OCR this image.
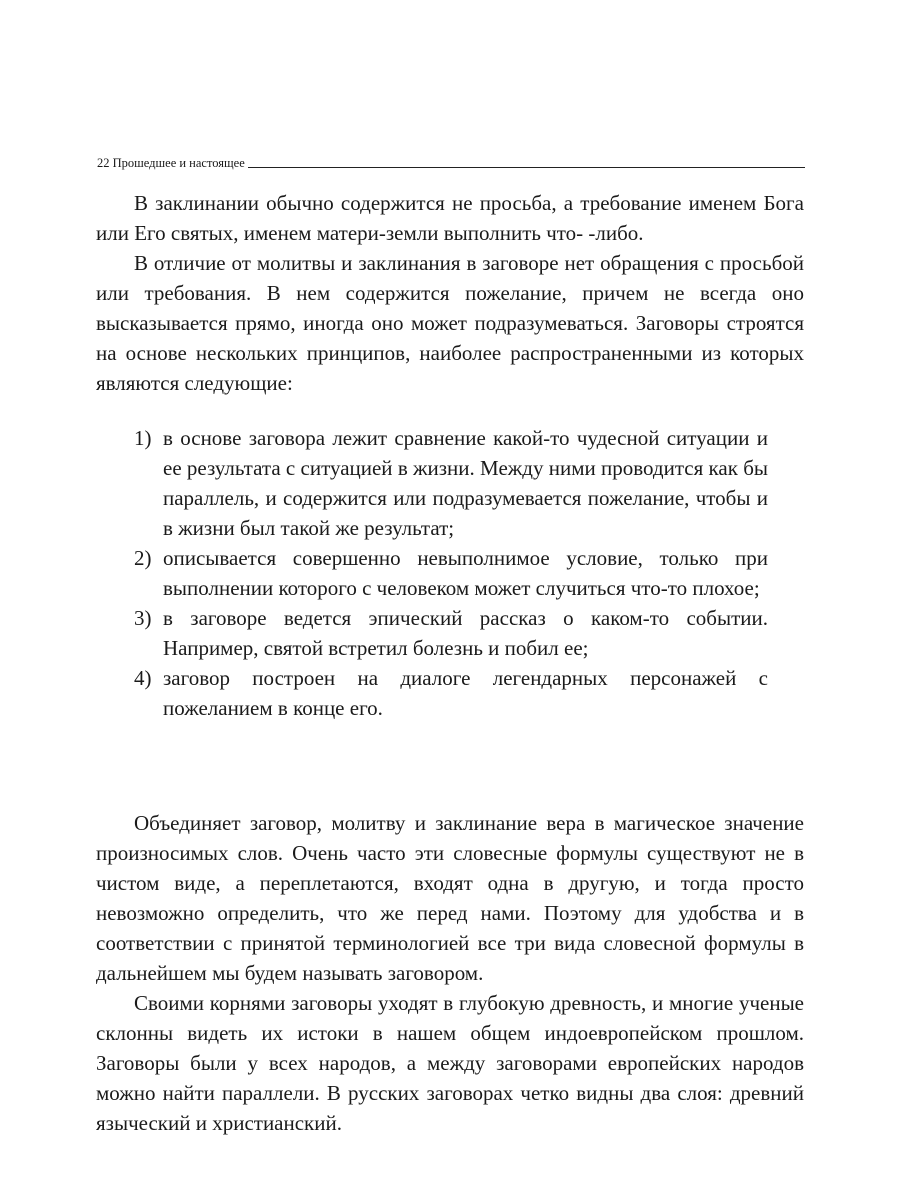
22
Прошедшее и настоящее

В заклинании обычно содержится не просьба, а требование именем Бога или Его святых, именем матери-земли выполнить что- -либо.

В отличие от молитвы и заклинания в заговоре нет обращения с просьбой или требования. В нем содержится пожелание, причем не всегда оно высказывается прямо, иногда оно может подразумеваться. Заговоры строятся на основе нескольких принципов, наиболее распространенными из которых являются следующие:

1) в основе заговора лежит сравнение какой-то чудесной ситуации и ее результата с ситуацией в жизни. Между ними проводится как бы параллель, и содержится или подразумевается пожелание, чтобы и в жизни был такой же результат;
2) описывается совершенно невыполнимое условие, только при выполнении которого с человеком может случиться что-то плохое;
3) в заговоре ведется эпический рассказ о каком-то событии. Например, святой встретил болезнь и побил ее;
4) заговор построен на диалоге легендарных персонажей с пожеланием в конце его.

Объединяет заговор, молитву и заклинание вера в магическое значение произносимых слов. Очень часто эти словесные формулы существуют не в чистом виде, а переплетаются, входят одна в другую, и тогда просто невозможно определить, что же перед нами. Поэтому для удобства и в соответствии с принятой терминологией все три вида словесной формулы в дальнейшем мы будем называть заговором.

Своими корнями заговоры уходят в глубокую древность, и многие ученые склонны видеть их истоки в нашем общем индоевропейском прошлом. Заговоры были у всех народов, а между заговорами европейских народов можно найти параллели. В русских заговорах четко видны два слоя: древний языческий и христианский.
